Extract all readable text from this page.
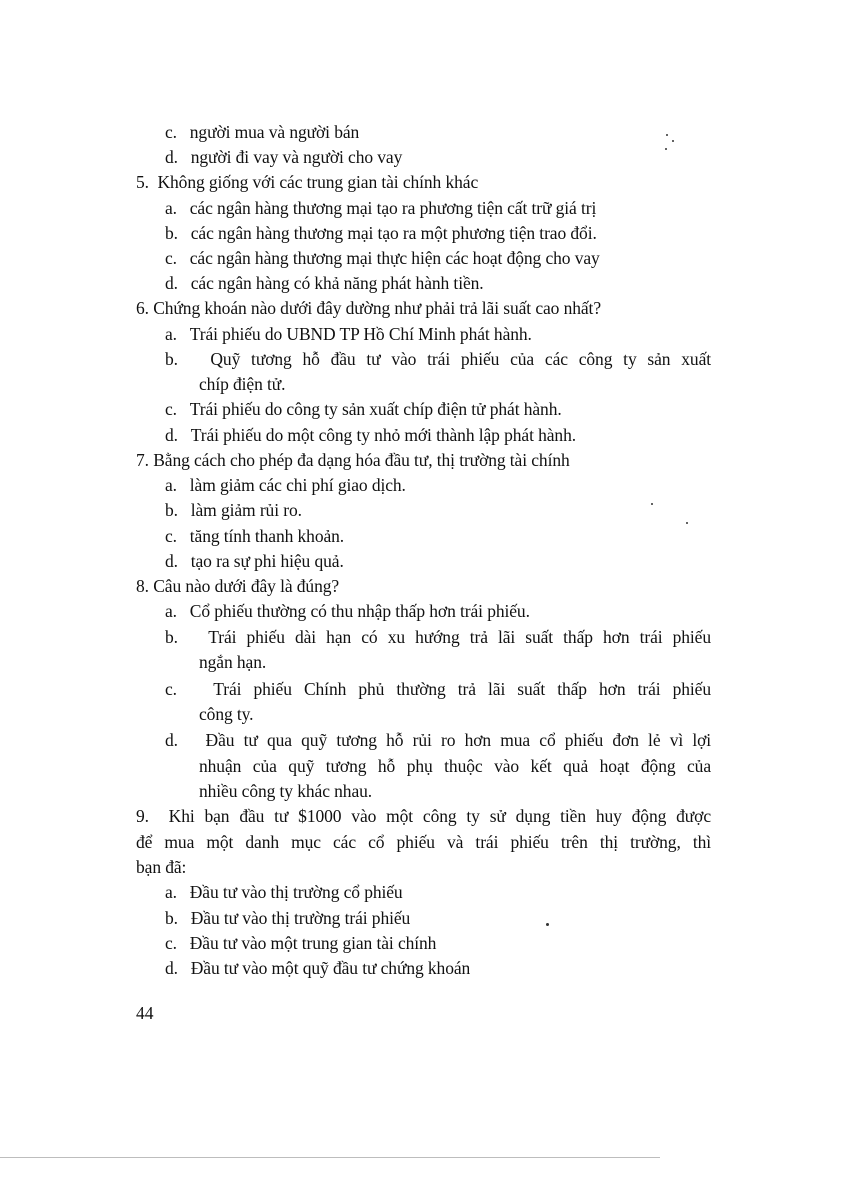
c.   người mua và người bán
d.   người đi vay và người cho vay
5.  Không giống với các trung gian tài chính khác
a.   các ngân hàng thương mại tạo ra phương tiện cất trữ giá trị
b.   các ngân hàng thương mại tạo ra một phương tiện trao đổi.
c.   các ngân hàng thương mại thực hiện các hoạt động cho vay
d.   các ngân hàng có khả năng phát hành tiền.
6. Chứng khoán nào dưới đây dường như phải trả lãi suất cao nhất?
a.   Trái phiếu do UBND TP Hồ Chí Minh phát hành.
b.   Quỹ tương hỗ đầu tư vào trái phiếu của các công ty sản xuất
chíp điện tử.
c.   Trái phiếu do công ty sản xuất chíp điện tử phát hành.
d.   Trái phiếu do một công ty nhỏ mới thành lập phát hành.
7. Bằng cách cho phép đa dạng hóa đầu tư, thị trường tài chính
a.   làm giảm các chi phí giao dịch.
b.   làm giảm rủi ro.
c.   tăng tính thanh khoản.
d.   tạo ra sự phi hiệu quả.
8. Câu nào dưới đây là đúng?
a.   Cổ phiếu thường có thu nhập thấp hơn trái phiếu.
b.   Trái phiếu dài hạn có xu hướng trả lãi suất thấp hơn trái phiếu
ngắn hạn.
c.   Trái phiếu Chính phủ thường trả lãi suất thấp hơn trái phiếu
công ty.
d.   Đầu tư qua quỹ tương hỗ rủi ro hơn mua cổ phiếu đơn lẻ vì lợi
nhuận của quỹ tương hỗ phụ thuộc vào kết quả hoạt động của
nhiều công ty khác nhau.
9.  Khi bạn đầu tư $1000 vào một công ty sử dụng tiền huy động được
để mua một danh mục các cổ phiếu và trái phiếu trên thị trường, thì
bạn đã:
a.   Đầu tư vào thị trường cổ phiếu
b.   Đầu tư vào thị trường trái phiếu
c.   Đầu tư vào một trung gian tài chính
d.   Đầu tư vào một quỹ đầu tư chứng khoán
44
